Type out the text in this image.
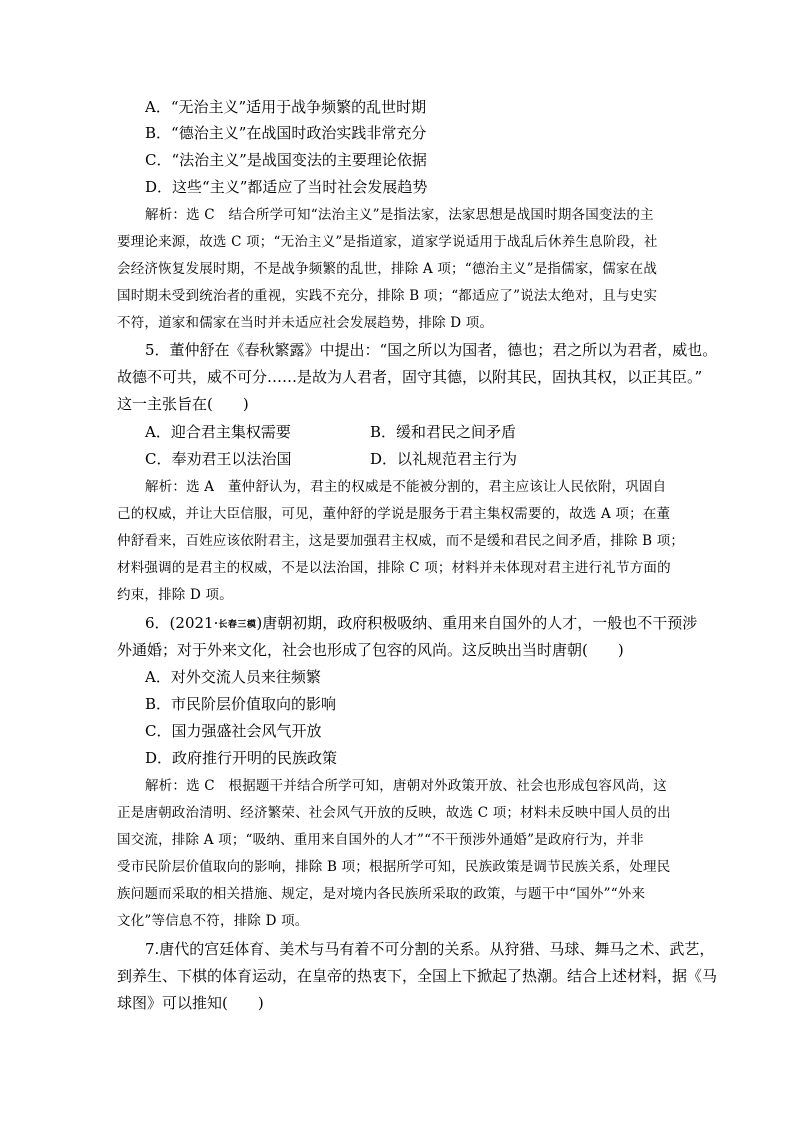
A．“无治主义”适用于战争频繁的乱世时期
B．“德治主义”在战国时政治实践非常充分
C．“法治主义”是战国变法的主要理论依据
D．这些“主义”都适应了当时社会发展趋势
解析：选 C　结合所学可知“法治主义”是指法家，法家思想是战国时期各国变法的主
要理论来源，故选 C 项；“无治主义”是指道家，道家学说适用于战乱后休养生息阶段，社
会经济恢复发展时期，不是战争频繁的乱世，排除 A 项；“德治主义”是指儒家，儒家在战
国时期未受到统治者的重视，实践不充分，排除 B 项；“都适应了”说法太绝对，且与史实
不符，道家和儒家在当时并未适应社会发展趋势，排除 D 项。
5．董仲舒在《春秋繁露》中提出：“国之所以为国者，德也；君之所以为君者，威也。
故德不可共，威不可分……是故为人君者，固守其德，以附其民，固执其权，以正其臣。”
这一主张旨在(　　)
A．迎合君主集权需要	B．缓和君民之间矛盾
C．奉劝君王以法治国	D．以礼规范君主行为
解析：选 A　董仲舒认为，君主的权威是不能被分割的，君主应该让人民依附，巩固自
己的权威，并让大臣信服，可见，董仲舒的学说是服务于君主集权需要的，故选 A 项；在董
仲舒看来，百姓应该依附君主，这是要加强君主权威，而不是缓和君民之间矛盾，排除 B 项；
材料强调的是君主的权威，不是以法治国，排除 C 项；材料并未体现对君主进行礼节方面的
约束，排除 D 项。
6．(2021·长春三模)唐朝初期，政府积极吸纳、重用来自国外的人才，一般也不干预涉
外通婚；对于外来文化，社会也形成了包容的风尚。这反映出当时唐朝(　　)
A．对外交流人员来往频繁
B．市民阶层价值取向的影响
C．国力强盛社会风气开放
D．政府推行开明的民族政策
解析：选 C　根据题干并结合所学可知，唐朝对外政策开放、社会也形成包容风尚，这
正是唐朝政治清明、经济繁荣、社会风气开放的反映，故选 C 项；材料未反映中国人员的出
国交流，排除 A 项；“吸纳、重用来自国外的人才”“不干预涉外通婚”是政府行为，并非
受市民阶层价值取向的影响，排除 B 项；根据所学可知，民族政策是调节民族关系，处理民
族问题而采取的相关措施、规定，是对境内各民族所采取的政策，与题干中“国外”“外来
文化”等信息不符，排除 D 项。
7.唐代的宫廷体育、美术与马有着不可分割的关系。从狩猎、马球、舞马之术、武艺，
到养生、下棋的体育运动，在皇帝的热衷下，全国上下掀起了热潮。结合上述材料，据《马
球图》可以推知(　　)
